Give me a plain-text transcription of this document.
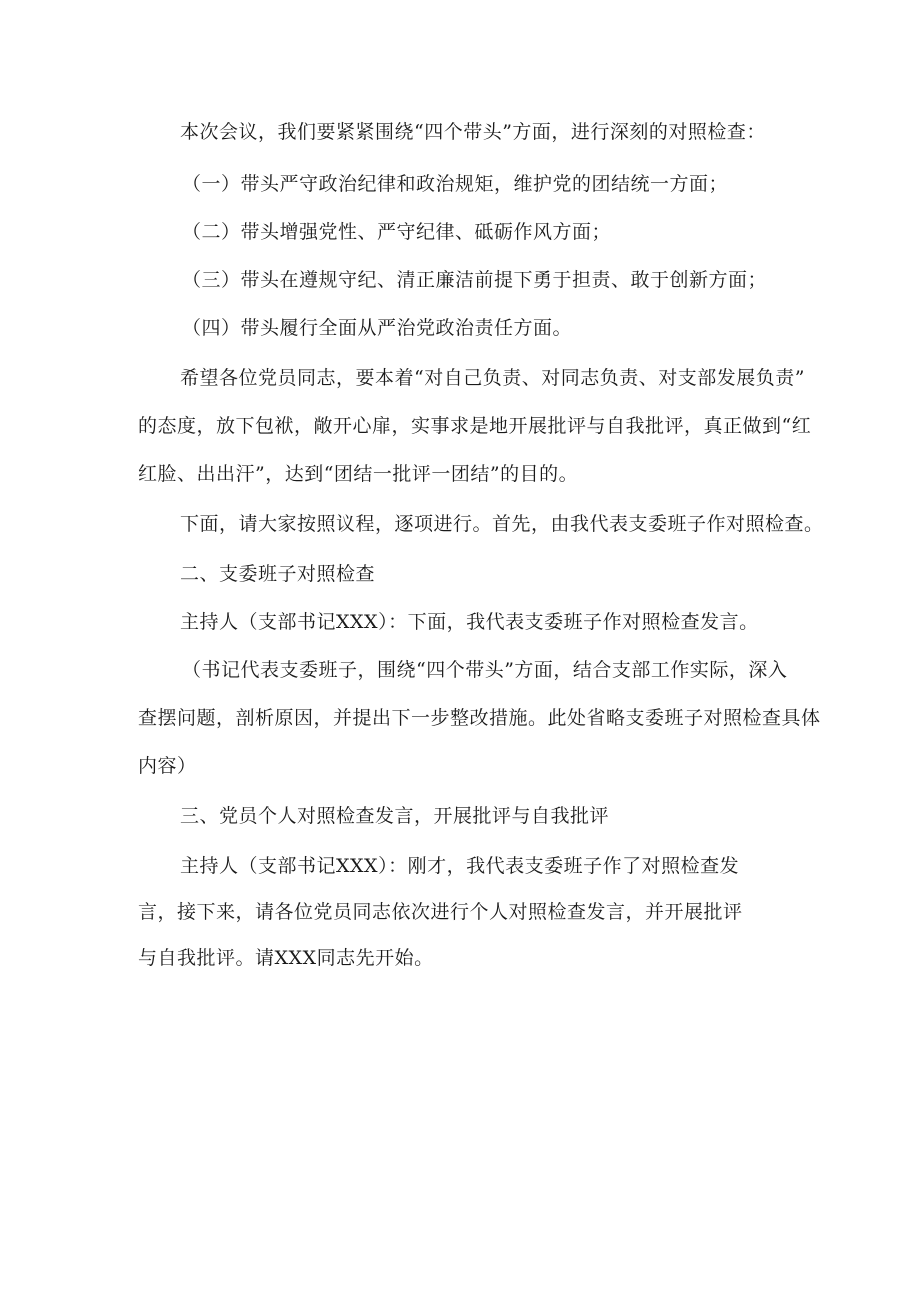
本次会议，我们要紧紧围绕“四个带头”方面，进行深刻的对照检查：
（一）带头严守政治纪律和政治规矩，维护党的团结统一方面；
（二）带头增强党性、严守纪律、砥砺作风方面；
（三）带头在遵规守纪、清正廉洁前提下勇于担责、敢于创新方面；
（四）带头履行全面从严治党政治责任方面。
希望各位党员同志，要本着“对自己负责、对同志负责、对支部发展负责”
的态度，放下包袱，敞开心扉，实事求是地开展批评与自我批评，真正做到“红
红脸、出出汗”，达到“团结一批评一团结”的目的。
下面，请大家按照议程，逐项进行。首先，由我代表支委班子作对照检查。
二、支委班子对照检查
主持人（支部书记XXX）：下面，我代表支委班子作对照检查发言。
（书记代表支委班子，围绕“四个带头”方面，结合支部工作实际，深入
查摆问题，剖析原因，并提出下一步整改措施。此处省略支委班子对照检查具体
内容）
三、党员个人对照检查发言，开展批评与自我批评
主持人（支部书记XXX）：刚才，我代表支委班子作了对照检查发
言，接下来，请各位党员同志依次进行个人对照检查发言，并开展批评
与自我批评。请XXX同志先开始。
